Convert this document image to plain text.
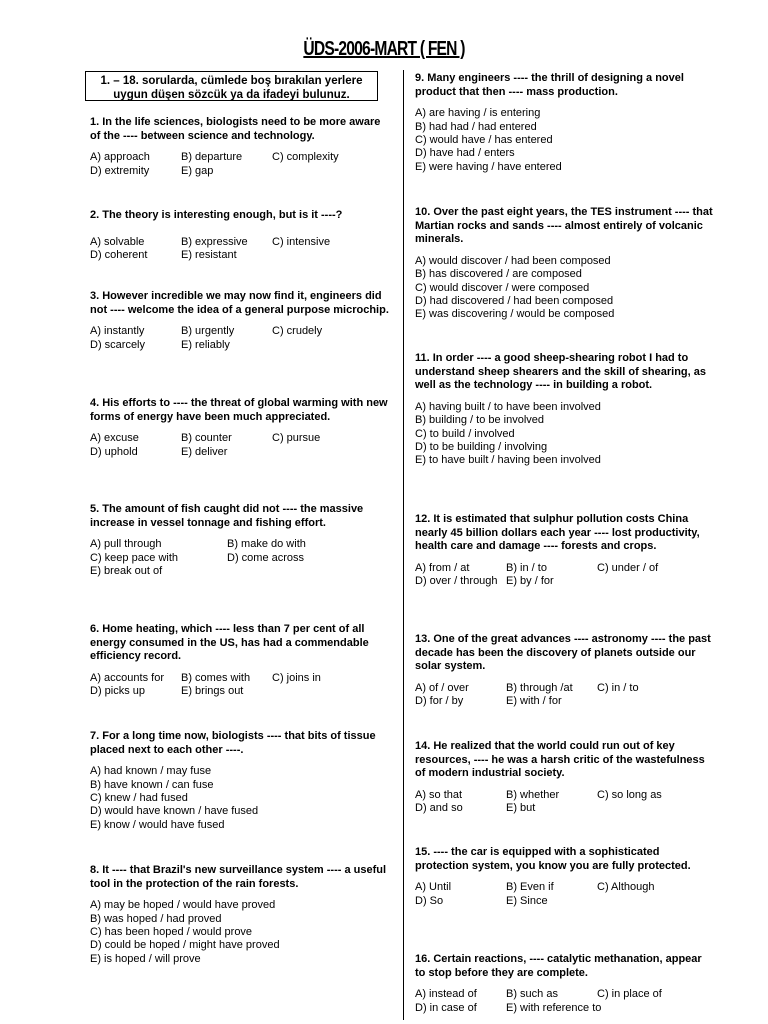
ÜDS-2006-MART ( FEN )
1. – 18. sorularda, cümlede boş bırakılan yerlere uygun düşen sözcük ya da ifadeyi bulunuz.
1. In the life sciences, biologists need to be more aware of the ---- between science and technology.
A) approach	B) departure	C) complexity
D) extremity	E) gap
2. The theory is interesting enough, but is it ----?
A) solvable	B) expressive	C) intensive
D) coherent	E) resistant
3. However incredible we may now find it, engineers did not ---- welcome the idea of a general purpose microchip.
A) instantly	B) urgently	C) crudely
D) scarcely	E) reliably
4. His efforts to ---- the threat of global warming with new forms of energy have been much appreciated.
A) excuse	B) counter	C) pursue
D) uphold	E) deliver
5. The amount of fish caught did not ---- the massive increase in vessel tonnage and fishing effort.
A) pull through	B) make do with
C) keep pace with	D) come across
E) break out of
6. Home heating, which ---- less than 7 per cent of all energy consumed in the US, has had a commendable efficiency record.
A) accounts for	B) comes with	C) joins in
D) picks up	E) brings out
7. For a long time now, biologists ---- that bits of tissue placed next to each other ----.
A) had known / may fuse
B) have known / can fuse
C) knew / had fused
D) would have known / have fused
E) know / would have fused
8. It ---- that Brazil's new surveillance system ---- a useful tool in the protection of the rain forests.
A) may be hoped / would have proved
B) was hoped / had proved
C) has been hoped / would prove
D) could be hoped / might have proved
E) is hoped / will prove
9. Many engineers ---- the thrill of designing a novel product that then ---- mass production.
A) are having / is entering
B) had had / had entered
C) would have / has entered
D) have had / enters
E) were having / have entered
10. Over the past eight years, the TES instrument ---- that Martian rocks and sands ---- almost entirely of volcanic minerals.
A) would discover / had been composed
B) has discovered / are composed
C) would discover / were composed
D) had discovered / had been composed
E) was discovering / would be composed
11. In order ---- a good sheep-shearing robot I had to understand sheep shearers and the skill of shearing, as well as the technology ---- in building a robot.
A) having built / to have been involved
B) building / to be involved
C) to build / involved
D) to be building / involving
E) to have built / having been involved
12. It is estimated that sulphur pollution costs China nearly 45 billion dollars each year ---- lost productivity, health care and damage ---- forests and crops.
A) from / at	B) in / to	C) under / of
D) over / through E) by / for
13. One of the great advances ---- astronomy ---- the past decade has been the discovery of planets outside our solar system.
A) of / over	B) through /at	C) in / to
D) for / by	E) with / for
14. He realized that the world could run out of key resources, ---- he was a harsh critic of the wastefulness of modern industrial society.
A) so that	B) whether	C) so long as
D) and so	E) but
15. ---- the car is equipped with a sophisticated protection system, you know you are fully protected.
A) Until	B) Even if	C) Although
D) So	E) Since
16. Certain reactions, ---- catalytic methanation, appear to stop before they are complete.
A) instead of	B) such as	C) in place of
D) in case of	E) with reference to
